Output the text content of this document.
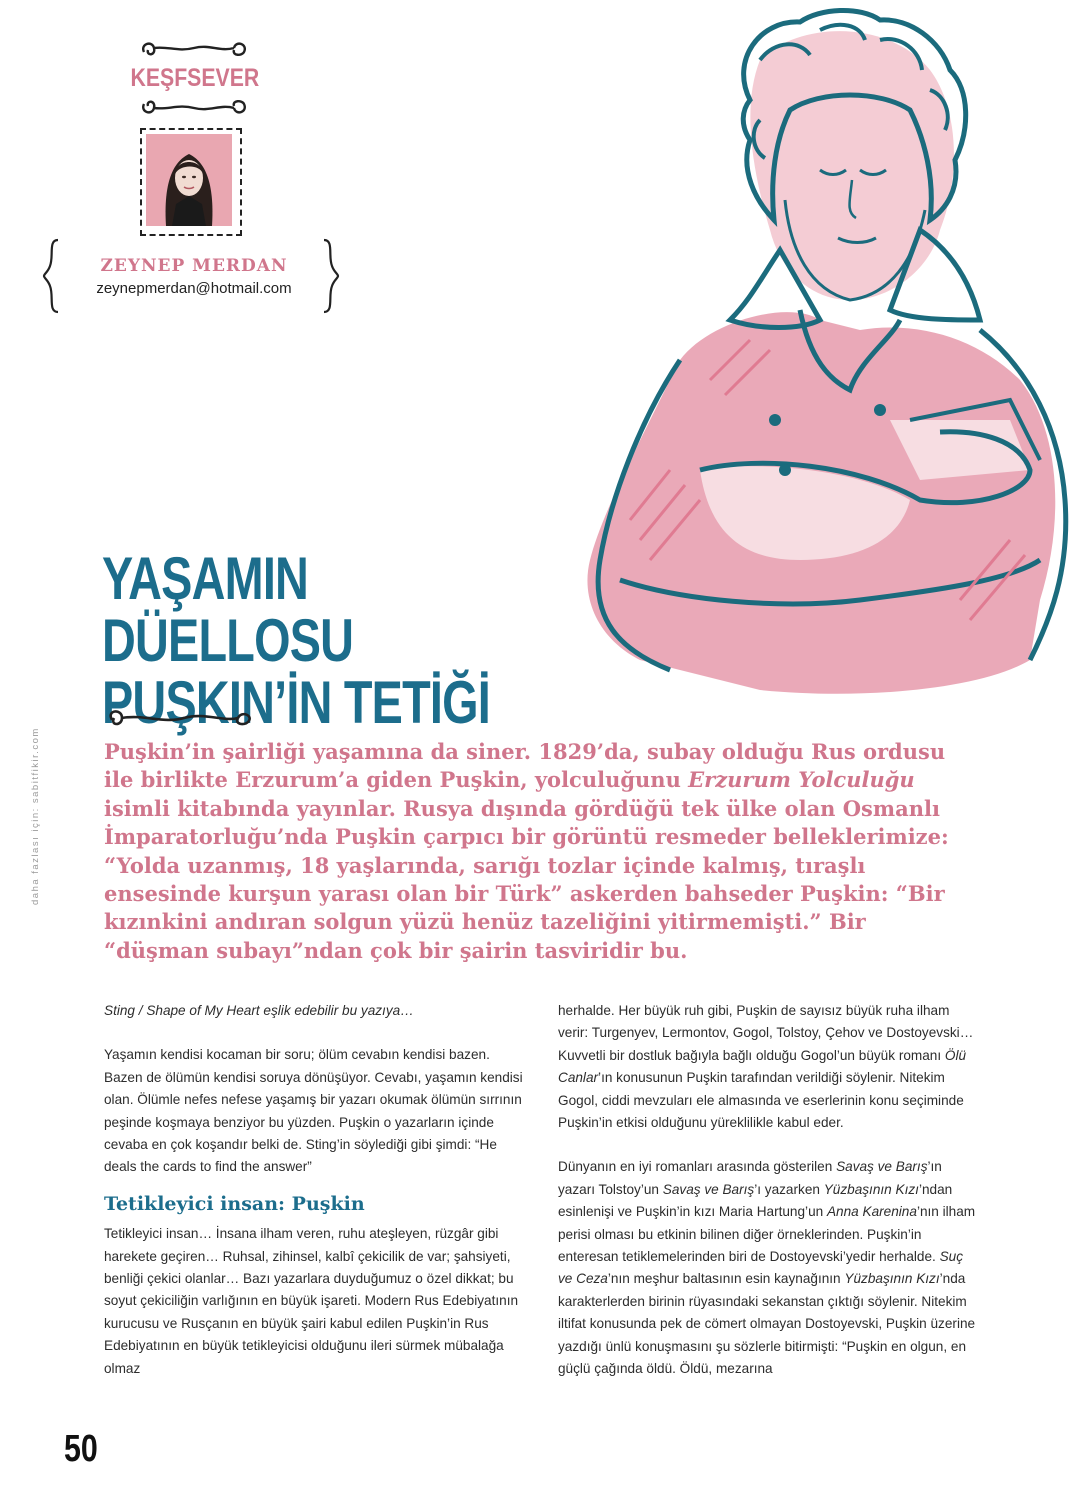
KEŞFSEVER
ZEYNEP MERDAN
zeynepmerdan@hotmail.com
daha fazlası için: sabitfikir.com
YAŞAMIN DÜELLOSU
PUŞKIN’İN TETİĞİ
Puşkin’in şairliği yaşamına da siner. 1829’da, subay olduğu Rus ordusu ile birlikte Erzurum’a giden Puşkin, yolculuğunu Erzurum Yolculuğu isimli kitabında yayınlar. Rusya dışında gördüğü tek ülke olan Osmanlı İmparatorluğu’nda Puşkin çarpıcı bir görüntü resmeder belleklerimize: “Yolda uzanmış, 18 yaşlarında, sarığı tozlar içinde kalmış, tıraşlı ensesinde kurşun yarası olan bir Türk” askerden bahseder Puşkin: “Bir kızınkini andıran solgun yüzü henüz tazeliğini yitirmemişti.” Bir “düşman subayı”ndan çok bir şairin tasviridir bu.

Sting / Shape of My Heart eşlik edebilir bu yazıya…

Yaşamın kendisi kocaman bir soru; ölüm cevabın kendisi bazen. Bazen de ölümün kendisi soruya dönüşüyor. Cevabı, yaşamın kendisi olan. Ölümle nefes nefese yaşamış bir yazarı okumak ölümün sırrının peşinde koşmaya benziyor bu yüzden. Puşkin o yazarların içinde cevaba en çok koşandır belki de. Sting’in söylediği gibi şimdi: “He deals the cards to find the answer”

Tetikleyici insan: Puşkin

Tetikleyici insan… İnsana ilham veren, ruhu ateşleyen, rüzgâr gibi harekete geçiren… Ruhsal, zihinsel, kalbî çekicilik de var; şahsiyeti, benliği çekici olanlar… Bazı yazarlara duyduğumuz o özel dikkat; bu soyut çekiciliğin varlığının en büyük işareti. Modern Rus Edebiyatının kurucusu ve Rusçanın en büyük şairi kabul edilen Puşkin’in Rus Edebiyatının en büyük tetikleyicisi olduğunu ileri sürmek mübalağa olmaz

herhalde. Her büyük ruh gibi, Puşkin de sayısız büyük ruha ilham verir: Turgenyev, Lermontov, Gogol, Tolstoy, Çehov ve Dostoyevski… Kuvvetli bir dostluk bağıyla bağlı olduğu Gogol’un büyük romanı Ölü Canlar’ın konusunun Puşkin tarafından verildiği söylenir. Nitekim Gogol, ciddi mevzuları ele almasında ve eserlerinin konu seçiminde Puşkin’in etkisi olduğunu yüreklilikle kabul eder.

Dünyanın en iyi romanları arasında gösterilen Savaş ve Barış’ın yazarı Tolstoy’un Savaş ve Barış’ı yazarken Yüzbaşının Kızı’ndan esinlenişi ve Puşkin’in kızı Maria Hartung’un Anna Karenina’nın ilham perisi olması bu etkinin bilinen diğer örneklerinden. Puşkin’in enteresan tetiklemelerinden biri de Dostoyevski’yedir herhalde. Suç ve Ceza’nın meşhur baltasının esin kaynağının Yüzbaşının Kızı’nda karakterlerden birinin rüyasındaki sekanstan çıktığı söylenir. Nitekim iltifat konusunda pek de cömert olmayan Dostoyevski, Puşkin üzerine yazdığı ünlü konuşmasını şu sözlerle bitirmişti: “Puşkin en olgun, en güçlü çağında öldü. Öldü, mezarına

50
